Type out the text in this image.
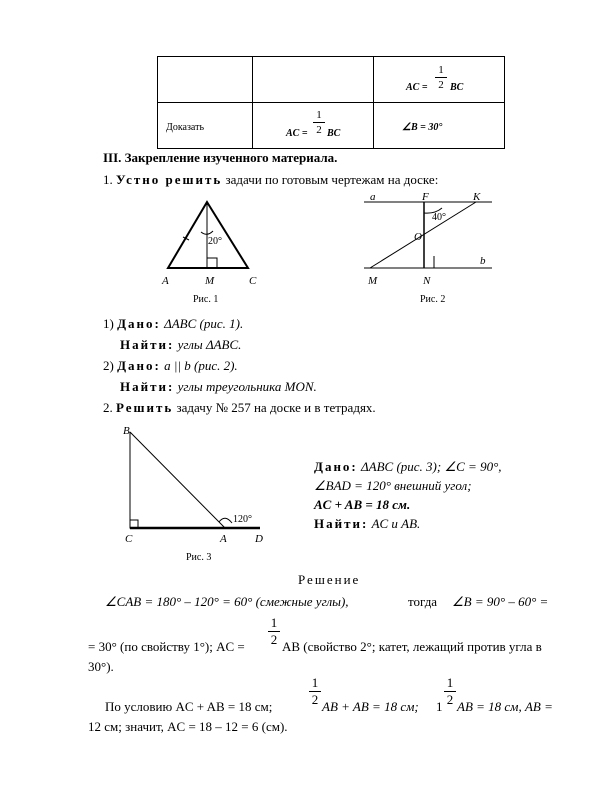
		AC =
1
2 BC

Доказать	AC =
1
2 BC	∠B = 30°
III. Закрепление изученного материала.
1. Устно решить задачи по готовым чертежам на доске:
20°
A	M	C
Рис. 1
a	F	K
40°
O
b
M	N
Рис. 2
1) Дано: ΔABC (рис. 1).
Найти: углы ΔABC.
2) Дано: a || b (рис. 2).
Найти: углы треугольника MON.
2. Решить задачу № 257 на доске и в тетрадях.
B
C	A	D
120°
Рис. 3
Дано: ΔABC (рис. 3); ∠C = 90°,
∠BAD = 120° внешний угол;
AC + AB = 18 см.
Найти: AC и AB.
Решение
∠CAB = 180° – 120° = 60° (смежные углы),	тогда ∠B = 90° – 60° =
= 30° (по свойству 1°); AC =
1
2 AB (свойство 2°; катет, лежащий против угла в
30°).
По условию AC + AB = 18 см;
1
2 AB + AB = 18 см; 1
1
2 AB = 18 см, AB =
12 см; значит, AC = 18 – 12 = 6 (см).
